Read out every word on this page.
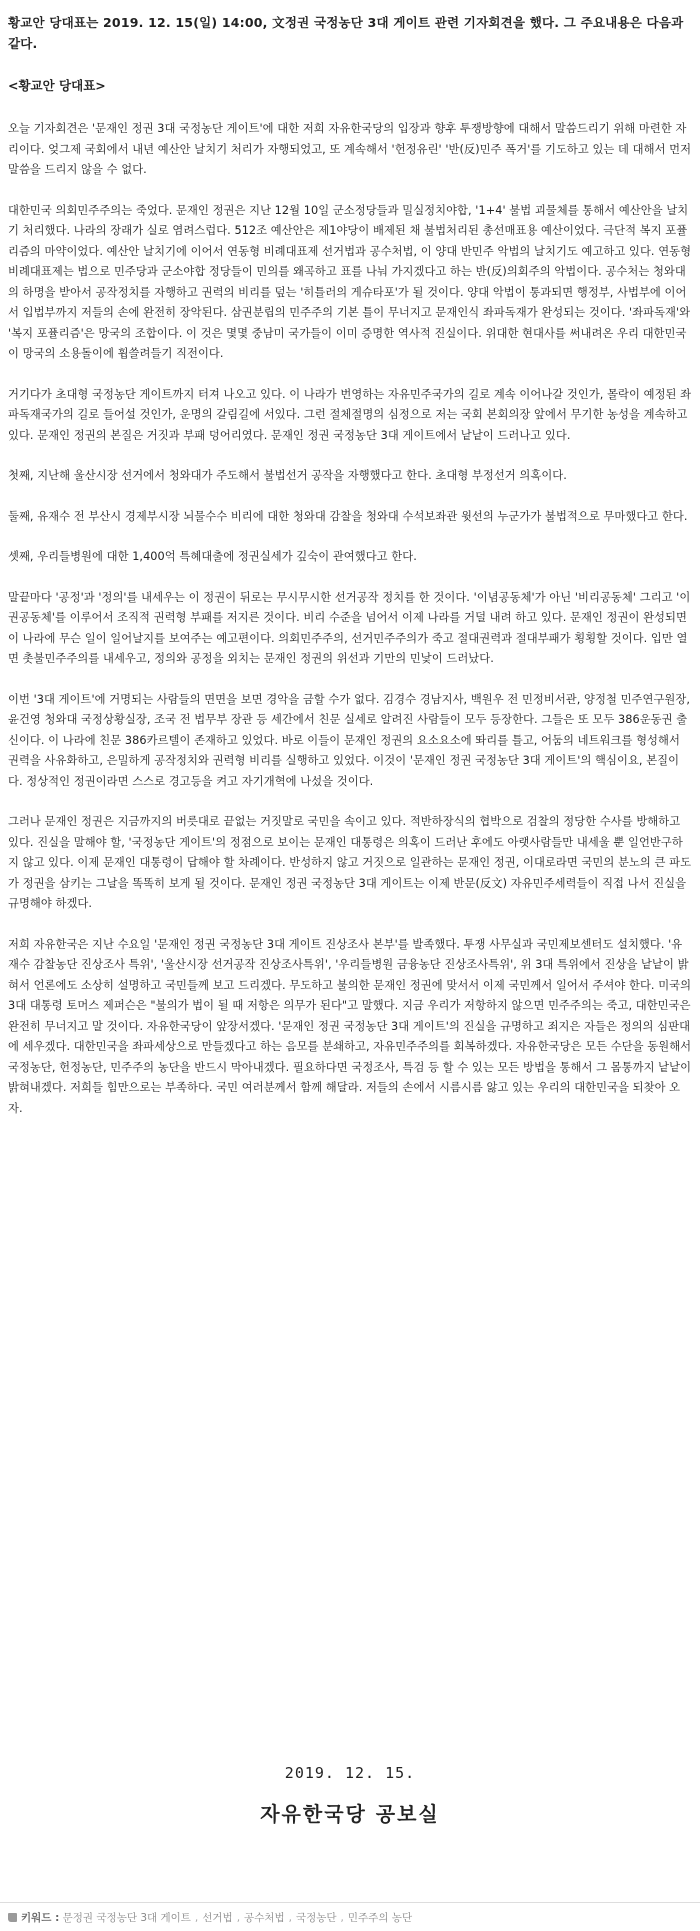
황교안 당대표는 2019. 12. 15(일) 14:00, 文정권 국정농단 3대 게이트 관련 기자회견을 했다. 그 주요내용은 다음과 같다.

<황교안 당대표>

오늘 기자회견은 '문재인 정권 3대 국정농단 게이트'에 대한 저희 자유한국당의 입장과 향후 투쟁방향에 대해서 말씀드리기 위해 마련한 자리이다. 엊그제 국회에서 내년 예산안 날치기 처리가 자행되었고, 또 계속해서 '헌정유린' '반(反)민주 폭거'를 기도하고 있는 데 대해서 먼저 말씀을 드리지 않을 수 없다.

대한민국 의회민주주의는 죽었다. 문재인 정권은 지난 12월 10일 군소정당들과 밀실정치야합, '1+4' 불법 괴물체를 통해서 예산안을 날치기 처리했다. 나라의 장래가 실로 염려스럽다. 512조 예산안은 제1야당이 배제된 채 불법처리된 총선매표용 예산이었다. 극단적 복지 포퓰리즘의 마약이었다. 예산안 날치기에 이어서 연동형 비례대표제 선거법과 공수처법, 이 양대 반민주 악법의 날치기도 예고하고 있다. 연동형 비례대표제는 법으로 민주당과 군소야합 정당들이 민의를 왜곡하고 표를 나눠 가지겠다고 하는 반(反)의회주의 악법이다. 공수처는 청와대의 하명을 받아서 공작정치를 자행하고 권력의 비리를 덮는 '히틀러의 게슈타포'가 될 것이다. 양대 악법이 통과되면 행정부, 사법부에 이어서 입법부까지 저들의 손에 완전히 장악된다. 삼권분립의 민주주의 기본 틀이 무너지고 문재인식 좌파독재가 완성되는 것이다. '좌파독재'와 '복지 포퓰리즘'은 망국의 조합이다. 이 것은 몇몇 중남미 국가들이 이미 증명한 역사적 진실이다. 위대한 현대사를 써내려온 우리 대한민국이 망국의 소용돌이에 휩쓸려들기 직전이다.

거기다가 초대형 국정농단 게이트까지 터져 나오고 있다. 이 나라가 번영하는 자유민주국가의 길로 계속 이어나갈 것인가, 몰락이 예정된 좌파독재국가의 길로 들어설 것인가, 운명의 갈림길에 서있다. 그런 절체절명의 심정으로 저는 국회 본회의장 앞에서 무기한 농성을 계속하고 있다. 문재인 정권의 본질은 거짓과 부패 덩어리였다. 문재인 정권 국정농단 3대 게이트에서 낱낱이 드러나고 있다.

첫째, 지난해 울산시장 선거에서 청와대가 주도해서 불법선거 공작을 자행했다고 한다. 초대형 부정선거 의혹이다.

둘째, 유재수 전 부산시 경제부시장 뇌물수수 비리에 대한 청와대 감찰을 청와대 수석보좌관 윗선의 누군가가 불법적으로 무마했다고 한다.

셋째, 우리들병원에 대한 1,400억 특혜대출에 정권실세가 깊숙이 관여했다고 한다.

말끝마다 '공정'과 '정의'를 내세우는 이 정권이 뒤로는 무시무시한 선거공작 정치를 한 것이다. '이념공동체'가 아닌 '비리공동체' 그리고 '이권공동체'를 이루어서 조직적 권력형 부패를 저지른 것이다. 비리 수준을 넘어서 이제 나라를 거덜 내려 하고 있다. 문재인 정권이 완성되면 이 나라에 무슨 일이 일어날지를 보여주는 예고편이다. 의회민주주의, 선거민주주의가 죽고 절대권력과 절대부패가 횡횡할 것이다. 입만 열면 촛불민주주의를 내세우고, 정의와 공정을 외치는 문재인 정권의 위선과 기만의 민낯이 드러났다.

이번 '3대 게이트'에 거명되는 사람들의 면면을 보면 경악을 금할 수가 없다. 김경수 경남지사, 백원우 전 민정비서관, 양정철 민주연구원장, 윤건영 청와대 국정상황실장, 조국 전 법무부 장관 등 세간에서 친문 실세로 알려진 사람들이 모두 등장한다. 그들은 또 모두 386운동권 출신이다. 이 나라에 친문 386카르텔이 존재하고 있었다. 바로 이들이 문재인 정권의 요소요소에 똬리를 틀고, 어둠의 네트워크를 형성해서 권력을 사유화하고, 은밀하게 공작정치와 권력형 비리를 실행하고 있었다. 이것이 '문재인 정권 국정농단 3대 게이트'의 핵심이요, 본질이다. 정상적인 정권이라면 스스로 경고등을 켜고 자기개혁에 나섰을 것이다.

그러나 문재인 정권은 지금까지의 버릇대로 끝없는 거짓말로 국민을 속이고 있다. 적반하장식의 협박으로 검찰의 정당한 수사를 방해하고 있다. 진실을 말해야 할, '국정농단 게이트'의 정점으로 보이는 문재인 대통령은 의혹이 드러난 후에도 아랫사람들만 내세울 뿐 일언반구하지 않고 있다. 이제 문재인 대통령이 답해야 할 차례이다. 반성하지 않고 거짓으로 일관하는 문재인 정권, 이대로라면 국민의 분노의 큰 파도가 정권을 삼키는 그날을 똑똑히 보게 될 것이다. 문재인 정권 국정농단 3대 게이트는 이제 반문(反文) 자유민주세력들이 직접 나서 진실을 규명해야 하겠다.

저희 자유한국은 지난 수요일 '문재인 정권 국정농단 3대 게이트 진상조사 본부'를 발족했다. 투쟁 사무실과 국민제보센터도 설치했다. '유재수 감찰농단 진상조사 특위', '울산시장 선거공작 진상조사특위', '우리들병원 금융농단 진상조사특위', 위 3대 특위에서 진상을 낱낱이 밝혀서 언론에도 소상히 설명하고 국민들께 보고 드리겠다. 무도하고 불의한 문재인 정권에 맞서서 이제 국민께서 일어서 주셔야 한다. 미국의 3대 대통령 토머스 제퍼슨은 "불의가 법이 될 때 저항은 의무가 된다"고 말했다. 지금 우리가 저항하지 않으면 민주주의는 죽고, 대한민국은 완전히 무너지고 말 것이다. 자유한국당이 앞장서겠다. '문재인 정권 국정농단 3대 게이트'의 진실을 규명하고 죄지은 자들은 정의의 심판대에 세우겠다. 대한민국을 좌파세상으로 만들겠다고 하는 음모를 분쇄하고, 자유민주주의를 회복하겠다. 자유한국당은 모든 수단을 동원해서 국정농단, 헌정농단, 민주주의 농단을 반드시 막아내겠다. 필요하다면 국정조사, 특검 등 할 수 있는 모든 방법을 통해서 그 몸통까지 낱낱이 밝혀내겠다. 저희들 힘만으로는 부족하다. 국민 여러분께서 함께 해달라. 저들의 손에서 시름시름 앓고 있는 우리의 대한민국을 되찾아 오자.

2019. 12. 15.
자유한국당 공보실
키워드 : 문정권 국정농단 3대 게이트 , 선거법 , 공수처법 , 국정농단 , 민주주의 농단
